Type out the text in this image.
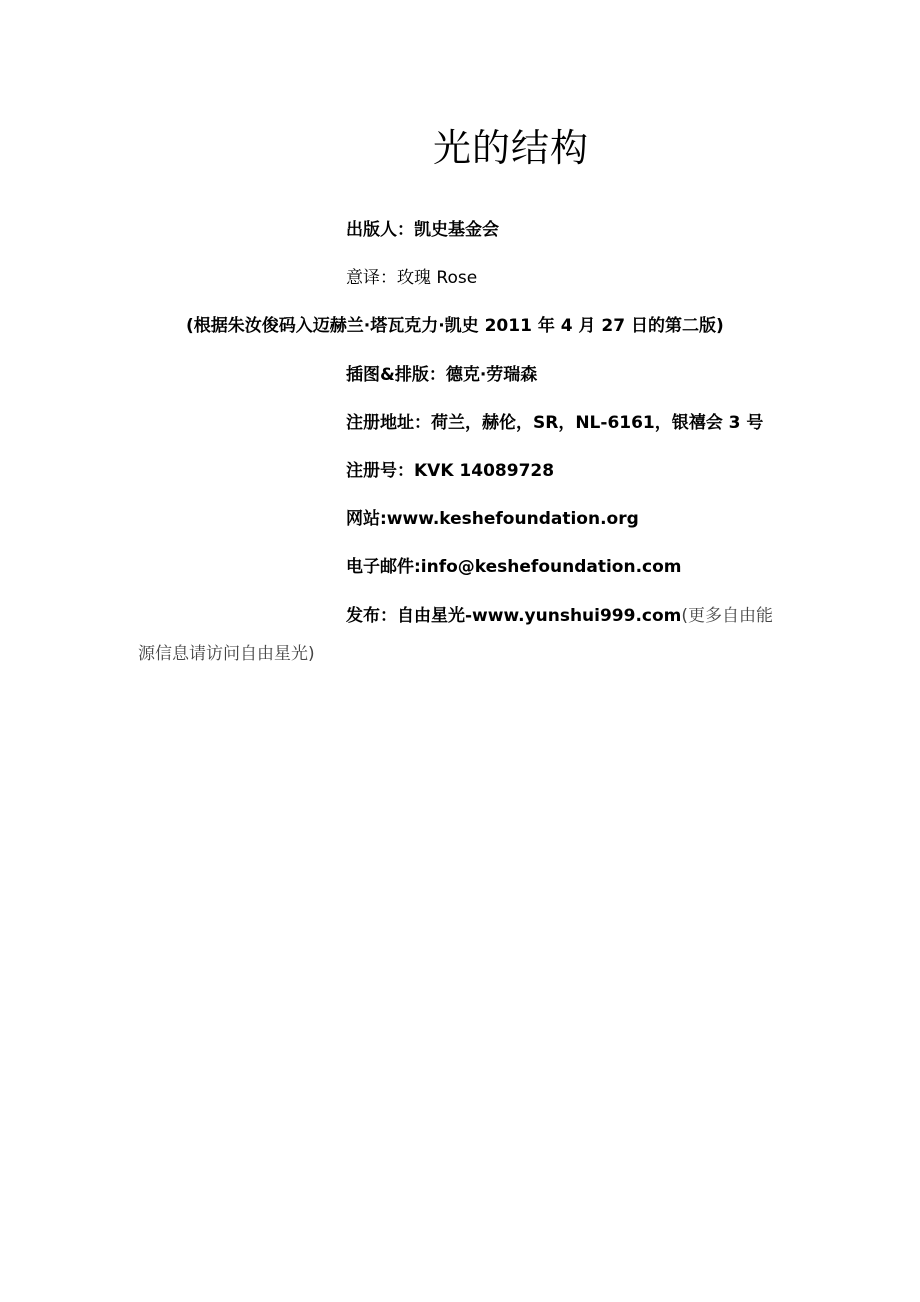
光的结构

出版人：凯史基金会

意译：玫瑰 Rose

(根据朱汝俊码入迈赫兰·塔瓦克力·凯史 2011 年 4 月 27 日的第二版)

插图&排版：德克·劳瑞森

注册地址：荷兰，赫伦，SR，NL-6161，银禧会 3 号

注册号：KVK 14089728

网站:www.keshefoundation.org

电子邮件:info@keshefoundation.com

发布：自由星光-www.yunshui999.com(更多自由能

源信息请访问自由星光)
